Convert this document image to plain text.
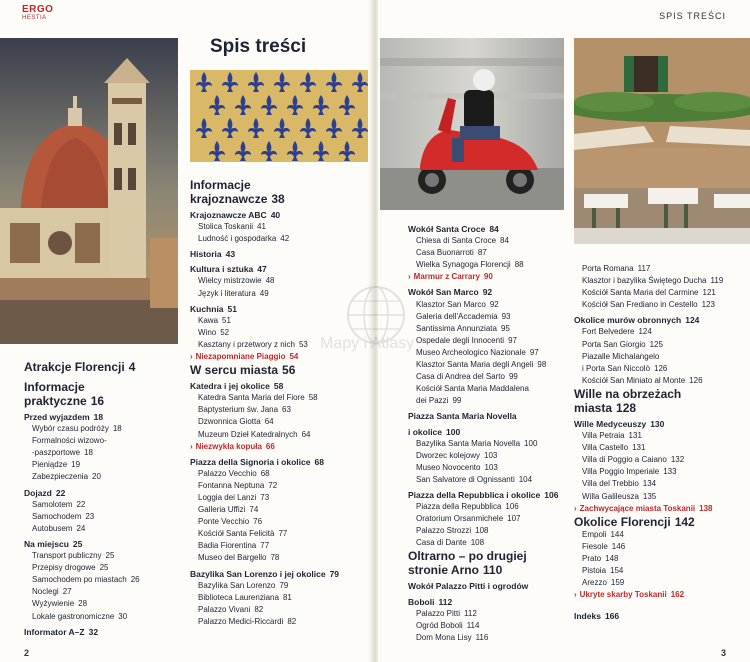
ERGO
HESTIA
Spis treści
Atrakcje Florencji 4
Informacje
praktyczne 16
Przed wyjazdem 18
Wybór czasu podróży 18
Formalności wizowo-
-paszportowe 18
Pieniądze 19
Zabezpieczenia 20
Dojazd 22
Samolotem 22
Samochodem 23
Autobusem 24
Na miejscu 25
Transport publiczny 25
Przepisy drogowe 25
Samochodem po miastach 26
Noclegi 27
Wyżywienie 28
Lokale gastronomiczne 30
Informator A–Z 32
Informacje
krajoznawcze 38
Krajoznawcze ABC 40
Stolica Toskanii 41
Ludność i gospodarka 42
Historia 43
Kultura i sztuka 47
Wielcy mistrzowie 48
Język i literatura 49
Kuchnia 51
Kawa 51
Wino 52
Kasztany i przetwory z nich 53
› Niezapomniane Piaggio 54
W sercu miasta 56
Katedra i jej okolice 58
Katedra Santa Maria del Fiore 58
Baptysterium św. Jana 63
Dzwonnica Giotta 64
Muzeum Dzieł Katedralnych 64
› Niezwykła kopuła 66
Piazza della Signoria i okolice 68
Palazzo Vecchio 68
Fontanna Neptuna 72
Loggia dei Lanzi 73
Galleria Uffizi 74
Ponte Vecchio 76
Kościół Santa Felicità 77
Badia Fiorentina 77
Museo del Bargello 78
Bazylika San Lorenzo i jej okolice 79
Bazylika San Lorenzo 79
Biblioteca Laurenziana 81
Palazzo Vivani 82
Palazzo Medici-Riccardi 82
2
SPIS TREŚCI
Wokół Santa Croce 84
Chiesa di Santa Croce 84
Casa Buonarroti 87
Wielka Synagoga Florencji 88
› Marmur z Carrary 90
Wokół San Marco 92
Klasztor San Marco 92
Galeria dell'Accademia 93
Santissima Annunziata 95
Ospedale degli Innocenti 97
Museo Archeologico Nazionale 97
Klasztor Santa Maria degli Angeli 98
Casa di Andrea del Sarto 99
Kościół Santa Maria Maddalena
dei Pazzi 99
Piazza Santa Maria Novella
i okolice 100
Bazylika Santa Maria Novella 100
Dworzec kolejowy 103
Museo Novocento 103
San Salvatore di Ognissanti 104
Piazza della Repubblica i okolice 106
Piazza della Repubblica 106
Oratorium Orsanmichele 107
Palazzo Strozzi 108
Casa di Dante 108
Oltrarno – po drugiej
stronie Arno 110
Wokół Palazzo Pitti i ogrodów
Boboli 112
Palazzo Pitti 112
Ogród Boboli 114
Dom Mona Lisy 116
Porta Romana 117
Klasztor i bazylika Świętego Ducha 119
Kościół Santa Maria del Carmine 121
Kościół San Frediano in Cestello 123
Okolice murów obronnych 124
Fort Belvedere 124
Porta San Giorgio 125
Piazalle Michalangelo
i Porta San Niccolò 126
Kościół San Miniato al Monte 126
Wille na obrzeżach
miasta 128
Wille Medyceuszy 130
Villa Petraia 131
Villa Castello 131
Villa di Poggio a Caiano 132
Villa Poggio Imperiale 133
Villa del Trebbio 134
Willa Galileusza 135
› Zachwycające miasta Toskanii 138
Okolice Florencji 142
Empoli 144
Fiesole 146
Prato 148
Pistoia 154
Arezzo 159
› Ukryte skarby Toskanii 162
Indeks 166
3
